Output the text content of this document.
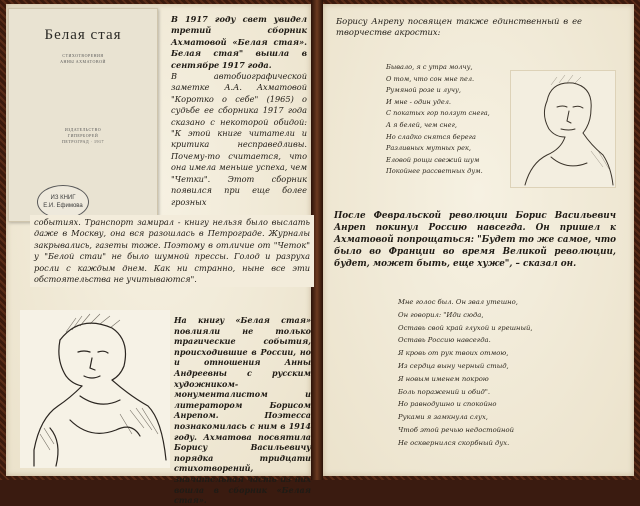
Белая стая
СТИХОТВОРЕНИЯ
АННЫ АХМАТОВОЙ
ИЗДАТЕЛЬСТВО
ГИПЕРБОРЕЙ
ПЕТРОГРАД · 1917
ИЗ КНИГ
Е.И. Ефимова

В 1917 году свет увидел третий сборник Ахматовой «Белая стая». Белая стая" вышла в сентябре 1917 года.

В автобиографической заметке А.А. Ахматовой "Коротко о себе" (1965) о судьбе ее сборника 1917 года сказано с некоторой обидой: "К этой книге читатели и критика несправедливы. Почему-то считается, что она имела меньше успеха, чем "Четки". Этот сборник появился при еще более грозных

событиях. Транспорт замирал - книгу нельзя было выслать даже в Москву, она вся разошлась в Петрограде. Журналы закрывались, газеты тоже. Поэтому в отличие от "Четок" у "Белой стаи" не было шумной прессы. Голод и разруха росли с каждым днем. Как ни странно, ныне все эти обстоятельства не учитываются".

На книгу «Белая стая» повлияли не только трагические события, происходившие в России, но и отношения Анны Андреевны с русским художником-монументалистом и литератором Борисом Анрепом. Поэтесса познакомилась с ним в 1914 году. Ахматова посвятила Борису Васильевичу порядка тридцати стихотворений, значительная часть из них вошла в сборник «Белая стая».

Борису Анрепу посвящен также единственный в ее творчестве акростих:

Бывало, я с утра молчу,
О том, что сон мне пел.
Румяной розе и лучу,
И мне - один удел.
С покатых гор ползут снега,
А я белей, чем снег,
Но сладко снятся берега
Разливных мутных рек,
Еловой рощи свежий шум
Покойнее рассветных дум.

После Февральской революции Борис Васильевич Анреп покинул Россию навсегда. Он пришел к Ахматовой попрощаться: "Будет то же самое, что было во Франции во время Великой революции, будет, может быть, еще хуже", – сказал он.

Мне голос был. Он звал утешно,
Он говорил: "Иди сюда,
Оставь свой край глухой и грешный,
Оставь Россию навсегда.
Я кровь от рук твоих отмою,
Из сердца выну черный стыд,
Я новым именем покрою
Боль поражений и обид".
Но равнодушно и спокойно
Руками я замкнула слух,
Чтоб этой речью недостойной
Не осквернился скорбный дух.
